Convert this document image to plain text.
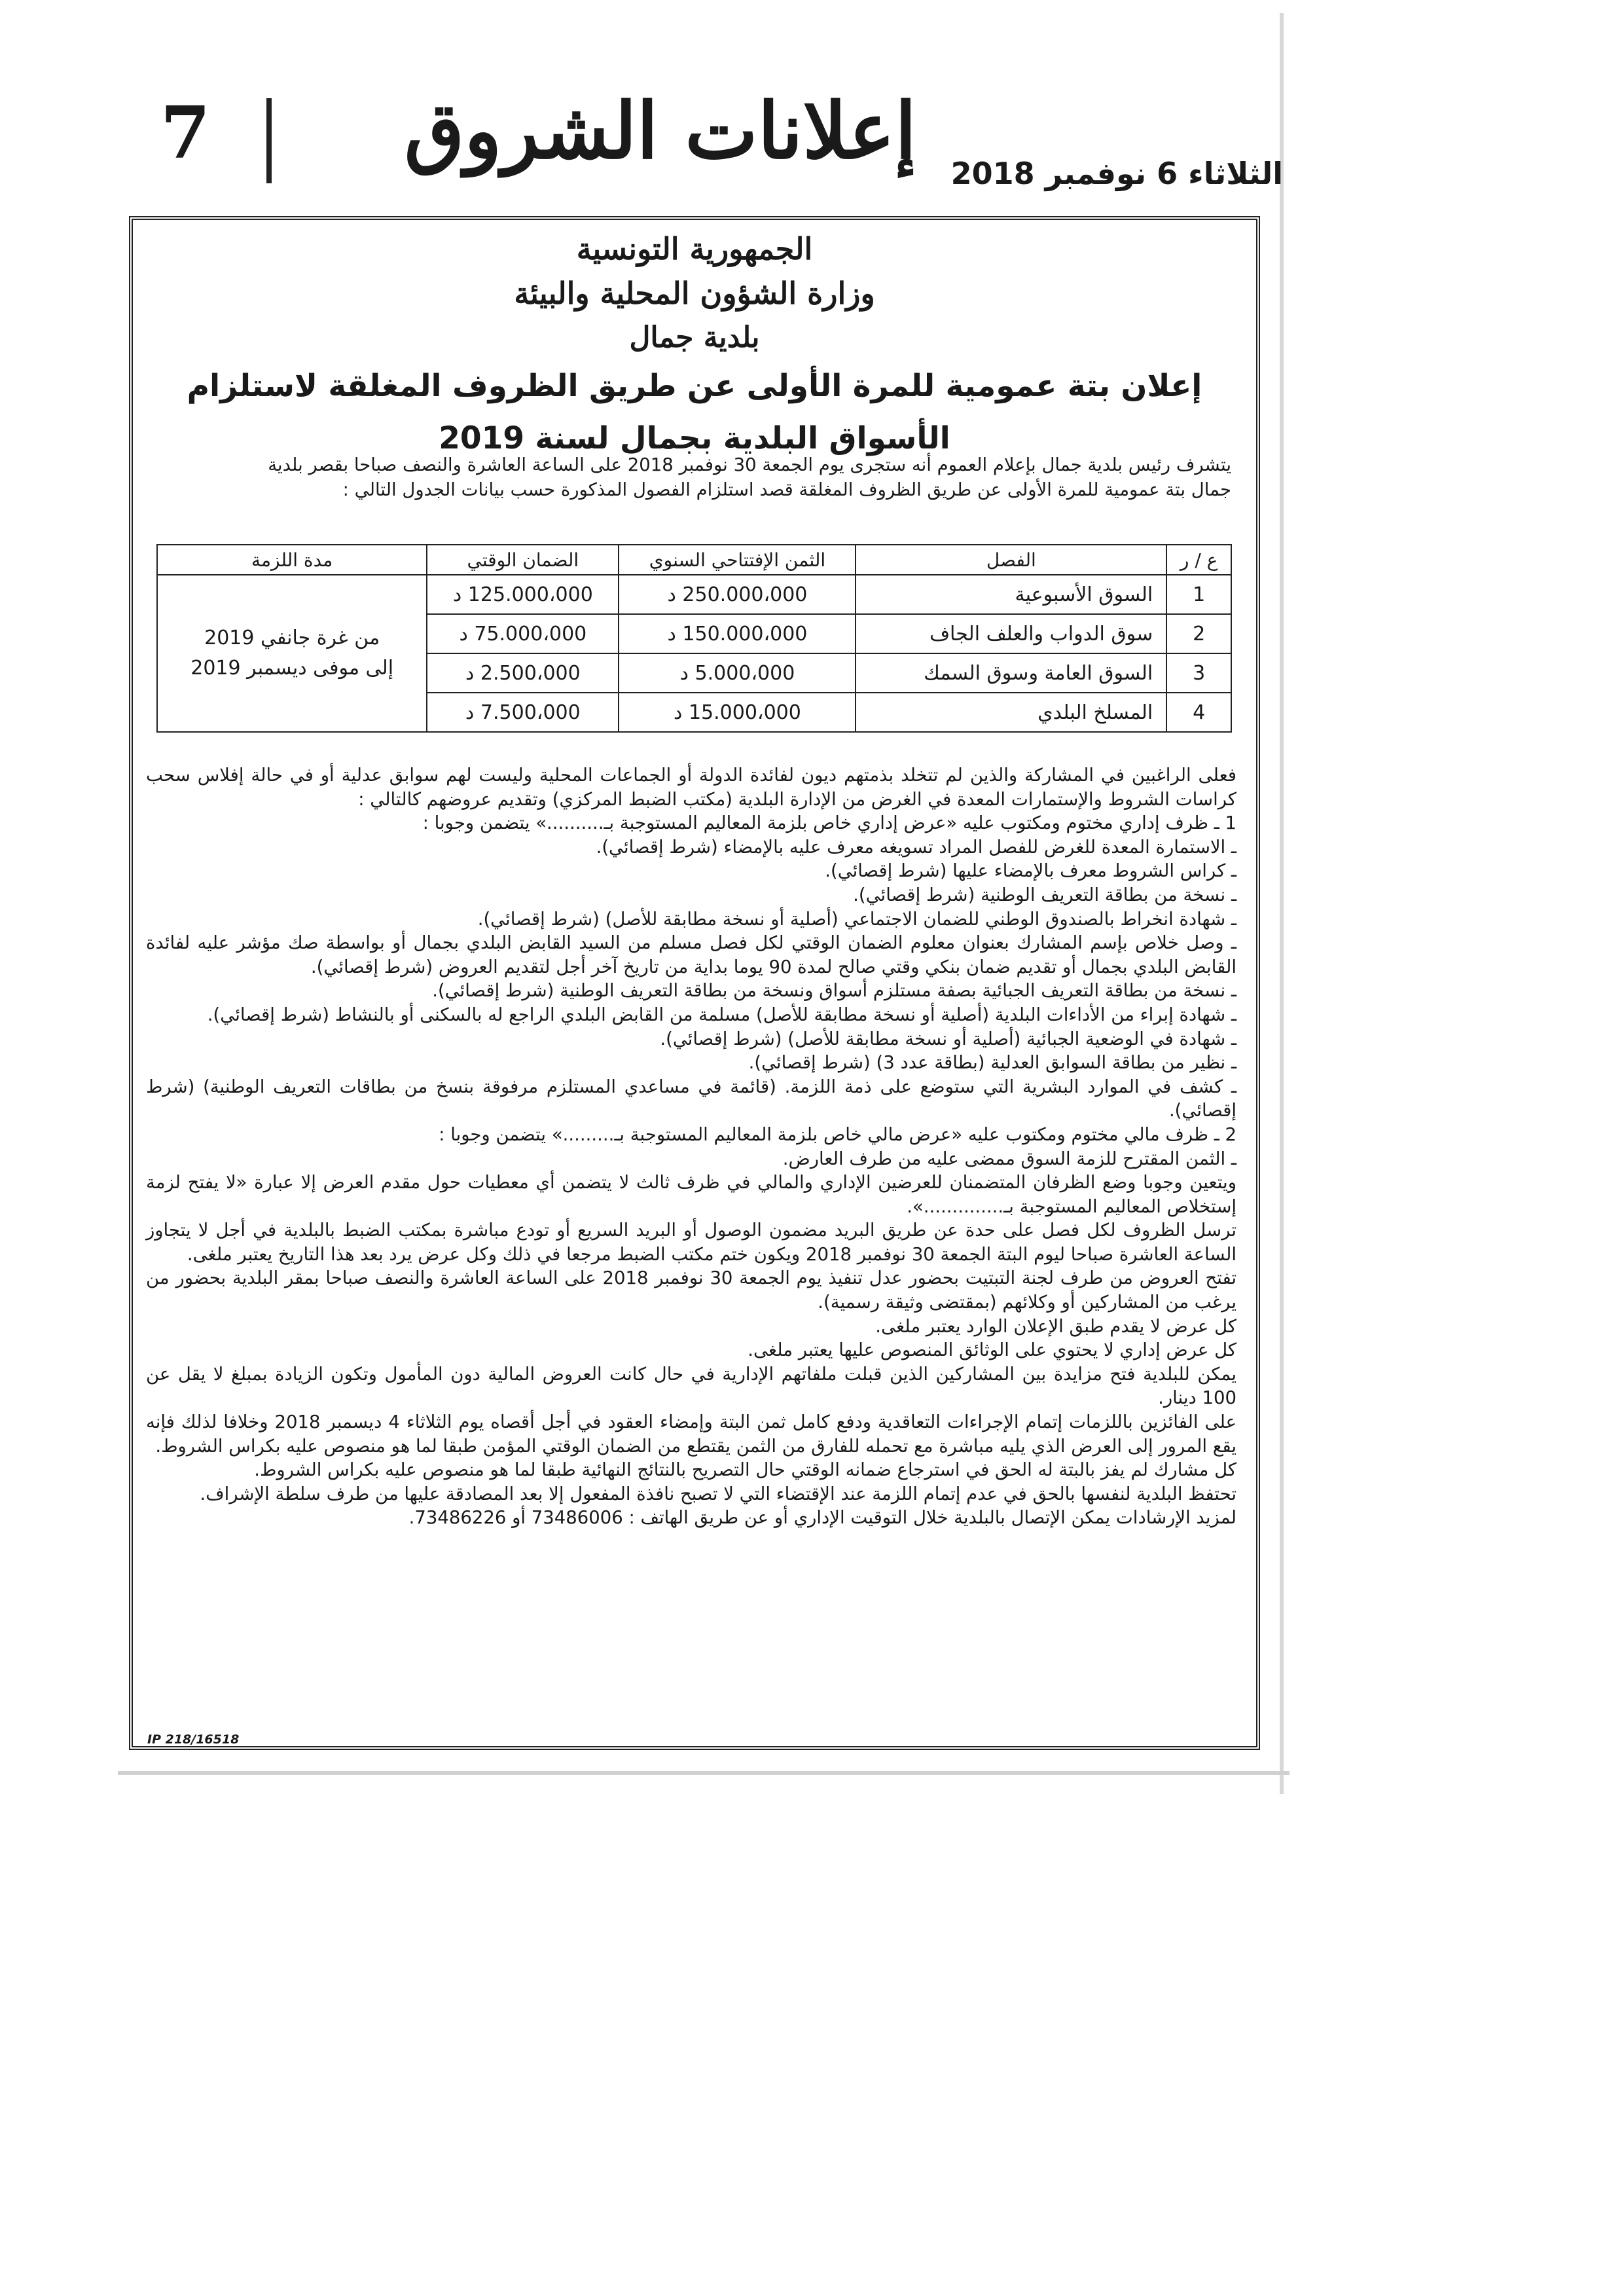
إعلانات الشروق
7	الثلاثاء 6 نوفمبر 2018
الجمهورية التونسية
وزارة الشؤون المحلية والبيئة
بلدية جمال
إعلان بتة عمومية للمرة الأولى عن طريق الظروف المغلقة لاستلزام الأسواق البلدية بجمال لسنة 2019

يتشرف رئيس بلدية جمال بإعلام العموم أنه ستجرى يوم الجمعة 30 نوفمبر 2018 على الساعة العاشرة والنصف صباحا بقصر بلدية

جمال بتة عمومية للمرة الأولى عن طريق الظروف المغلقة قصد استلزام الفصول المذكورة حسب بيانات الجدول التالي :

ع / ر	الفصل	الثمن الإفتتاحي السنوي	الضمان الوقتي	مدة اللزمة
1	السوق الأسبوعية	250.000،000 د	125.000،000 د	من غرة جانفي 2019
إلى موفى ديسمبر 2019

2	سوق الدواب والعلف الجاف	150.000،000 د	75.000،000 د	
3	السوق العامة وسوق السمك	5.000،000 د	2.500،000 د	
4	المسلخ البلدي	15.000،000 د	7.500،000 د	

فعلى الراغبين في المشاركة والذين لم تتخلد بذمتهم ديون لفائدة الدولة أو الجماعات المحلية وليست لهم سوابق عدلية أو في حالة إفلاس سحب كراسات الشروط والإستمارات المعدة في الغرض من الإدارة البلدية (مكتب الضبط المركزي) وتقديم عروضهم كالتالي :

1 ـ ظرف إداري مختوم ومكتوب عليه «عرض إداري خاص بلزمة المعاليم المستوجبة بـ..........» يتضمن وجوبا :

ـ الاستمارة المعدة للغرض للفصل المراد تسويغه معرف عليه بالإمضاء (شرط إقصائي).

ـ كراس الشروط معرف بالإمضاء عليها (شرط إقصائي).

ـ نسخة من بطاقة التعريف الوطنية (شرط إقصائي).

ـ شهادة انخراط بالصندوق الوطني للضمان الاجتماعي (أصلية أو نسخة مطابقة للأصل) (شرط إقصائي).

ـ وصل خلاص بإسم المشارك بعنوان معلوم الضمان الوقتي لكل فصل مسلم من السيد القابض البلدي بجمال أو بواسطة صك مؤشر عليه لفائدة القابض البلدي بجمال أو تقديم ضمان بنكي وقتي صالح لمدة 90 يوما بداية من تاريخ آخر أجل لتقديم العروض (شرط إقصائي).

ـ نسخة من بطاقة التعريف الجبائية بصفة مستلزم أسواق ونسخة من بطاقة التعريف الوطنية (شرط إقصائي).

ـ شهادة إبراء من الأداءات البلدية (أصلية أو نسخة مطابقة للأصل) مسلمة من القابض البلدي الراجع له بالسكنى أو بالنشاط (شرط إقصائي).

ـ شهادة في الوضعية الجبائية (أصلية أو نسخة مطابقة للأصل) (شرط إقصائي).

ـ نظير من بطاقة السوابق العدلية (بطاقة عدد 3) (شرط إقصائي).

ـ كشف في الموارد البشرية التي ستوضع على ذمة اللزمة. (قائمة في مساعدي المستلزم مرفوقة بنسخ من بطاقات التعريف الوطنية) (شرط إقصائي).

2 ـ ظرف مالي مختوم ومكتوب عليه «عرض مالي خاص بلزمة المعاليم المستوجبة بـ.........» يتضمن وجوبا :

ـ الثمن المقترح للزمة السوق ممضى عليه من طرف العارض.

ويتعين وجوبا وضع الظرفان المتضمنان للعرضين الإداري والمالي في ظرف ثالث لا يتضمن أي معطيات حول مقدم العرض إلا عبارة «لا يفتح لزمة إستخلاص المعاليم المستوجبة بـ..............».

ترسل الظروف لكل فصل على حدة عن طريق البريد مضمون الوصول أو البريد السريع أو تودع مباشرة بمكتب الضبط بالبلدية في أجل لا يتجاوز الساعة العاشرة صباحا ليوم البتة الجمعة 30 نوفمبر 2018 ويكون ختم مكتب الضبط مرجعا في ذلك وكل عرض يرد بعد هذا التاريخ يعتبر ملغى.

تفتح العروض من طرف لجنة التبتيت بحضور عدل تنفيذ يوم الجمعة 30 نوفمبر 2018 على الساعة العاشرة والنصف صباحا بمقر البلدية بحضور من يرغب من المشاركين أو وكلائهم (بمقتضى وثيقة رسمية).

كل عرض لا يقدم طبق الإعلان الوارد يعتبر ملغى.

كل عرض إداري لا يحتوي على الوثائق المنصوص عليها يعتبر ملغى.

يمكن للبلدية فتح مزايدة بين المشاركين الذين قبلت ملفاتهم الإدارية في حال كانت العروض المالية دون المأمول وتكون الزيادة بمبلغ لا يقل عن 100 دينار.

على الفائزين باللزمات إتمام الإجراءات التعاقدية ودفع كامل ثمن البتة وإمضاء العقود في أجل أقصاه يوم الثلاثاء 4 ديسمبر 2018 وخلافا لذلك فإنه يقع المرور إلى العرض الذي يليه مباشرة مع تحمله للفارق من الثمن يقتطع من الضمان الوقتي المؤمن طبقا لما هو منصوص عليه بكراس الشروط.

كل مشارك لم يفز بالبتة له الحق في استرجاع ضمانه الوقتي حال التصريح بالنتائج النهائية طبقا لما هو منصوص عليه بكراس الشروط.

تحتفظ البلدية لنفسها بالحق في عدم إتمام اللزمة عند الإقتضاء التي لا تصبح نافذة المفعول إلا بعد المصادقة عليها من طرف سلطة الإشراف.

لمزيد الإرشادات يمكن الإتصال بالبلدية خلال التوقيت الإداري أو عن طريق الهاتف : 73486006 أو 73486226.

IP 218/16518
